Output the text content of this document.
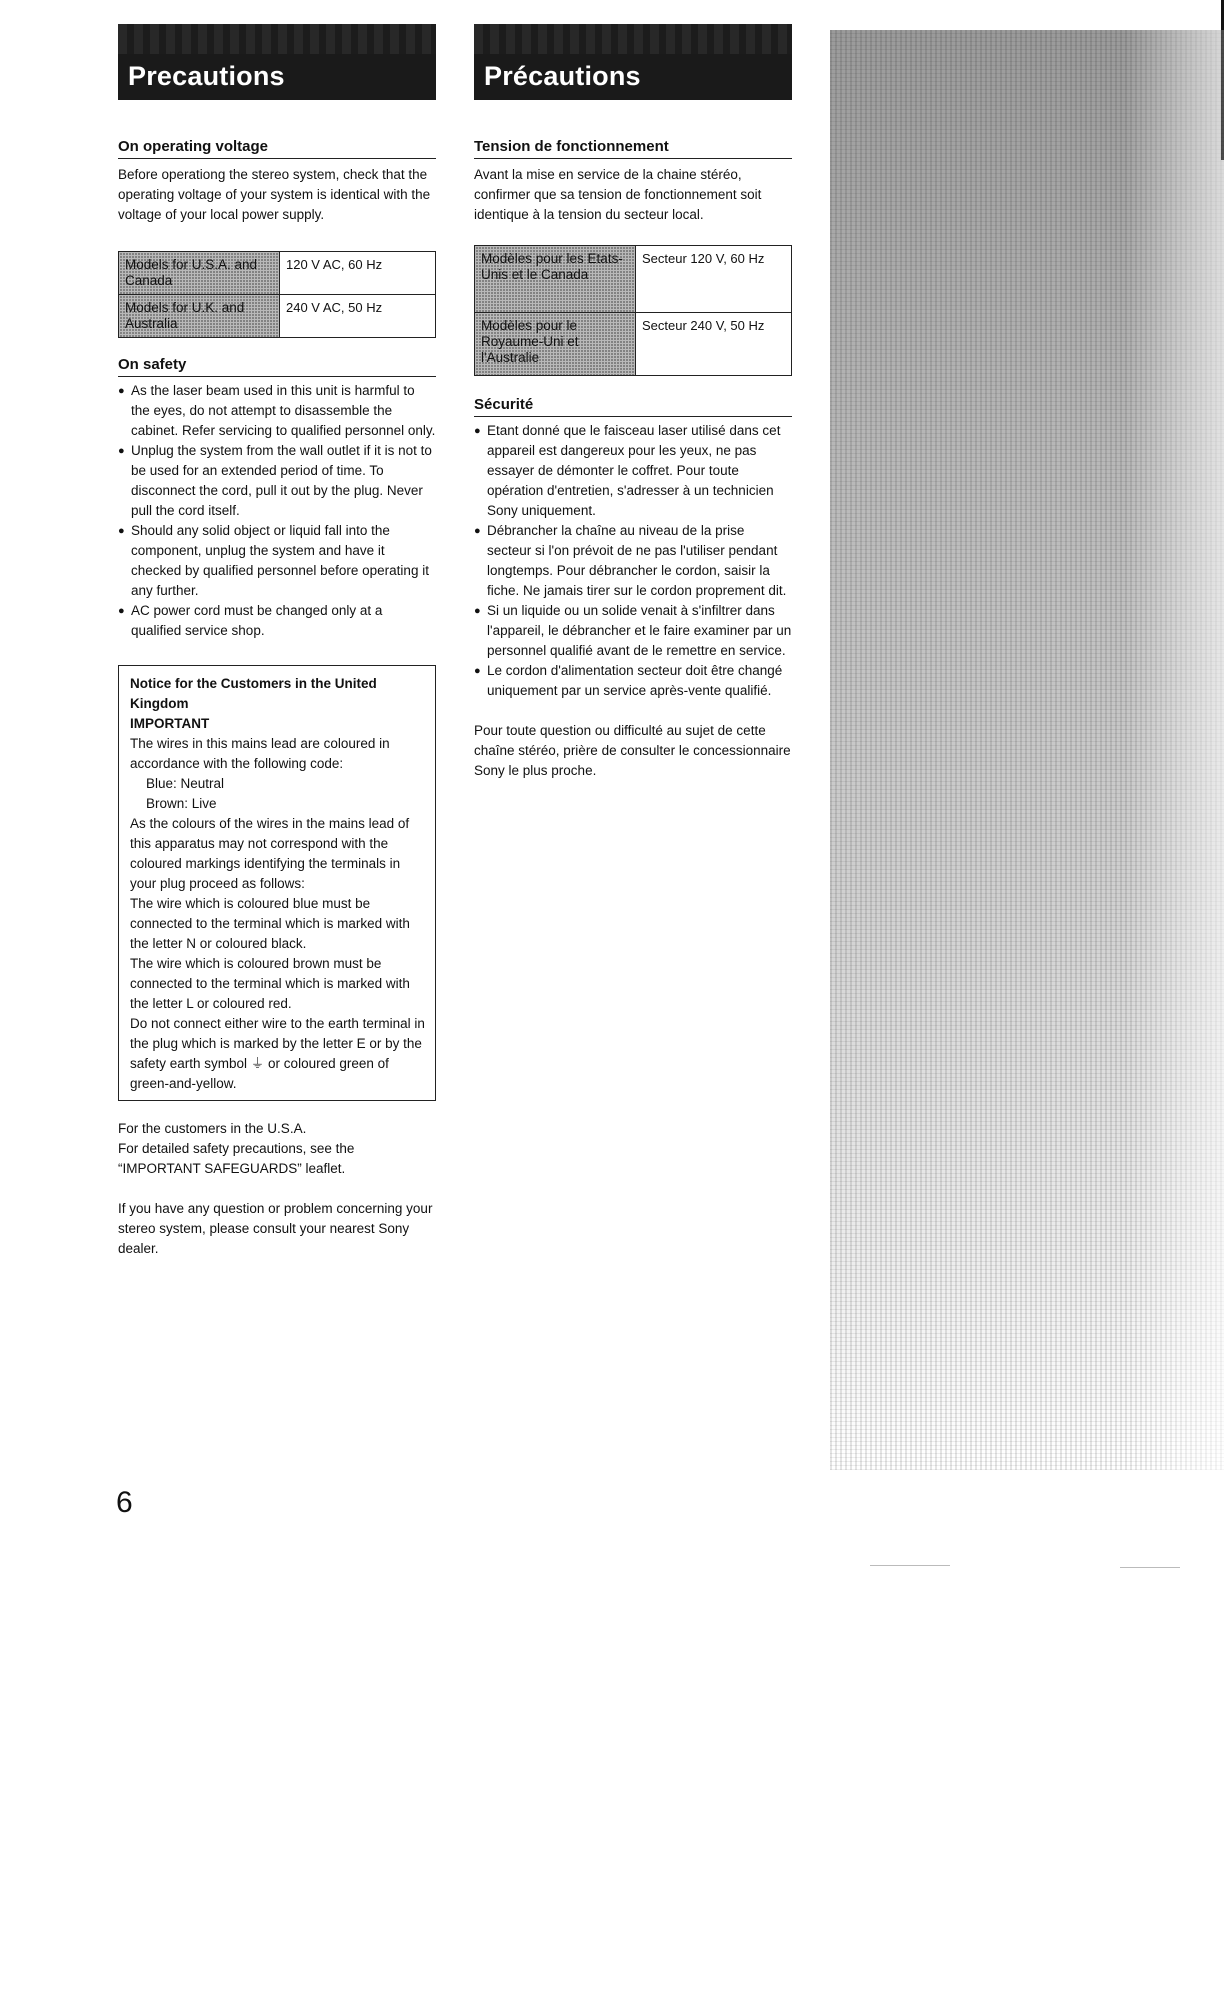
Precautions
On operating voltage

Before operationg the stereo system, check that the operating voltage of your system is identical with the voltage of your local power supply.

Models for U.S.A. and Canada	120 V AC, 60 Hz
Models for U.K. and Australia	240 V AC, 50 Hz
On safety
● As the laser beam used in this unit is harmful to the eyes, do not attempt to disassemble the cabinet. Refer servicing to qualified personnel only.
● Unplug the system from the wall outlet if it is not to be used for an extended period of time. To disconnect the cord, pull it out by the plug. Never pull the cord itself.
● Should any solid object or liquid fall into the component, unplug the system and have it checked by qualified personnel before operating it any further.
● AC power cord must be changed only at a qualified service shop.

Notice for the Customers in the United Kingdom

IMPORTANT

The wires in this mains lead are coloured in accordance with the following code:

Blue: Neutral

Brown: Live

As the colours of the wires in the mains lead of this apparatus may not correspond with the coloured markings identifying the terminals in your plug proceed as follows:

The wire which is coloured blue must be connected to the terminal which is marked with the letter N or coloured black.

The wire which is coloured brown must be connected to the terminal which is marked with the letter L or coloured red.

Do not connect either wire to the earth terminal in the plug which is marked by the letter E or by the safety earth symbol ⏚ or coloured green of green-and-yellow.

For the customers in the U.S.A.

For detailed safety precautions, see the “IMPORTANT SAFEGUARDS” leaflet.

If you have any question or problem concerning your stereo system, please consult your nearest Sony dealer.

Précautions
Tension de fonctionnement

Avant la mise en service de la chaine stéréo, confirmer que sa tension de fonctionnement soit identique à la tension du secteur local.

Modèles pour les Etats-Unis et le Canada	Secteur 120 V, 60 Hz
Modèles pour le Royaume-Uni et l'Australie	Secteur 240 V, 50 Hz
Sécurité
● Etant donné que le faisceau laser utilisé dans cet appareil est dangereux pour les yeux, ne pas essayer de démonter le coffret. Pour toute opération d'entretien, s'adresser à un technicien Sony uniquement.
● Débrancher la chaîne au niveau de la prise secteur si l'on prévoit de ne pas l'utiliser pendant longtemps. Pour débrancher le cordon, saisir la fiche. Ne jamais tirer sur le cordon proprement dit.
● Si un liquide ou un solide venait à s'infiltrer dans l'appareil, le débrancher et le faire examiner par un personnel qualifié avant de le remettre en service.
● Le cordon d'alimentation secteur doit être changé uniquement par un service après-vente qualifié.

Pour toute question ou difficulté au sujet de cette chaîne stéréo, prière de consulter le concessionnaire Sony le plus proche.

6
